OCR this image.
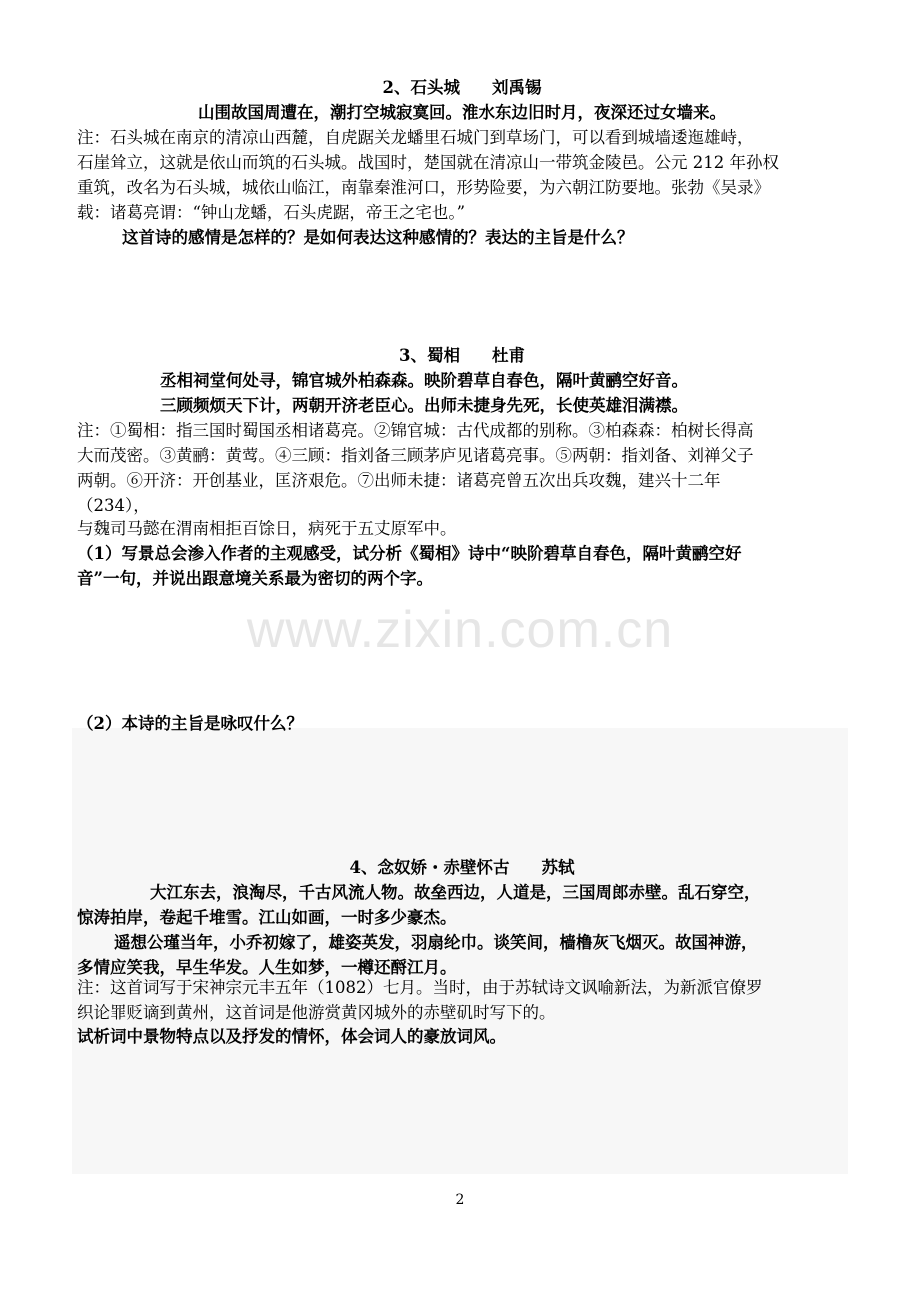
www.zixin.com.cn
2、石头城 刘禹锡
山围故国周遭在，潮打空城寂寞回。淮水东边旧时月，夜深还过女墙来。
注：石头城在南京的清凉山西麓，自虎踞关龙蟠里石城门到草场门，可以看到城墙逶迤雄峙，
石崖耸立，这就是依山而筑的石头城。战国时，楚国就在清凉山一带筑金陵邑。公元 212 年孙权
重筑，改名为石头城，城依山临江，南靠秦淮河口，形势险要，为六朝江防要地。张勃《吴录》
载：诸葛亮谓：“钟山龙蟠，石头虎踞，帝王之宅也。”
这首诗的感情是怎样的？是如何表达这种感情的？表达的主旨是什么？
3、蜀相 杜甫
丞相祠堂何处寻，锦官城外柏森森。映阶碧草自春色，隔叶黄鹂空好音。
三顾频烦天下计，两朝开济老臣心。出师未捷身先死，长使英雄泪满襟。
注：①蜀相：指三国时蜀国丞相诸葛亮。②锦官城：古代成都的别称。③柏森森：柏树长得高
大而茂密。③黄鹂：黄莺。④三顾：指刘备三顾茅庐见诸葛亮事。⑤两朝：指刘备、刘禅父子
两朝。⑥开济：开创基业，匡济艰危。⑦出师未捷：诸葛亮曾五次出兵攻魏，建兴十二年
（234），
与魏司马懿在渭南相拒百馀日，病死于五丈原军中。
（1）写景总会渗入作者的主观感受，试分析《蜀相》诗中“映阶碧草自春色，隔叶黄鹂空好
音”一句，并说出跟意境关系最为密切的两个字。
（2）本诗的主旨是咏叹什么？
4、念奴娇・赤壁怀古 苏轼
大江东去，浪淘尽，千古风流人物。故垒西边，人道是，三国周郎赤壁。乱石穿空，
惊涛拍岸，卷起千堆雪。江山如画，一时多少豪杰。
遥想公瑾当年，小乔初嫁了，雄姿英发，羽扇纶巾。谈笑间，樯橹灰飞烟灭。故国神游，
多情应笑我，早生华发。人生如梦，一樽还酹江月。
注：这首词写于宋神宗元丰五年（1082）七月。当时，由于苏轼诗文讽喻新法，为新派官僚罗
织论罪贬谪到黄州，这首词是他游赏黄冈城外的赤壁矶时写下的。
试析词中景物特点以及抒发的情怀，体会词人的豪放词风。
2
